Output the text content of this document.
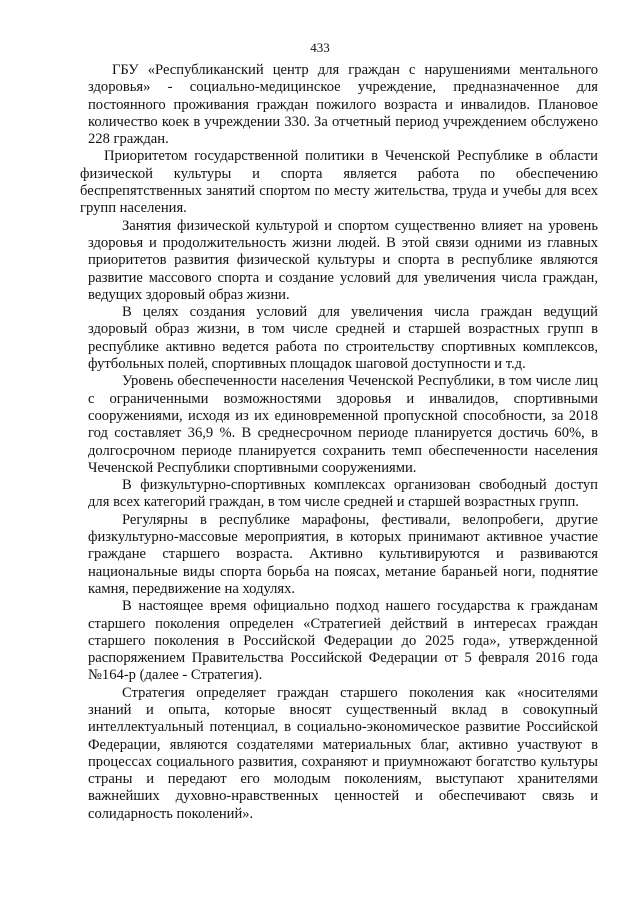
433

ГБУ «Республиканский центр для граждан с нарушениями ментального здоровья» - социально-медицинское учреждение, предназначенное для постоянного проживания граждан пожилого возраста и инвалидов. Плановое количество коек в учреждении 330. За отчетный период учреждением обслужено 228 граждан.

Приоритетом государственной политики в Чеченской Республике в области физической культуры и спорта является работа по обеспечению беспрепятственных занятий спортом по месту жительства, труда и учебы для всех групп населения.

Занятия физической культурой и спортом существенно влияет на уровень здоровья и продолжительность жизни людей. В этой связи одними из главных приоритетов развития физической культуры и спорта в республике являются развитие массового спорта и создание условий для увеличения числа граждан, ведущих здоровый образ жизни.

В целях создания условий для увеличения числа граждан ведущий здоровый образ жизни, в том числе средней и старшей возрастных групп в республике активно ведется работа по строительству спортивных комплексов, футбольных полей, спортивных площадок шаговой доступности и т.д.

Уровень обеспеченности населения Чеченской Республики, в том числе лиц с ограниченными возможностями здоровья и инвалидов, спортивными сооружениями, исходя из их единовременной пропускной способности, за 2018 год составляет 36,9 %. В среднесрочном периоде планируется достичь 60%, в долгосрочном периоде планируется сохранить темп обеспеченности населения Чеченской Республики спортивными сооружениями.

В физкультурно-спортивных комплексах организован свободный доступ для всех категорий граждан, в том числе средней и старшей возрастных групп.

Регулярны в республике марафоны, фестивали, велопробеги, другие физкультурно-массовые мероприятия, в которых принимают активное участие граждане старшего возраста. Активно культивируются и развиваются национальные виды спорта борьба на поясах, метание бараньей ноги, поднятие камня, передвижение на ходулях.

В настоящее время официально подход нашего государства к гражданам старшего поколения определен «Стратегией действий в интересах граждан старшего поколения в Российской Федерации до 2025 года», утвержденной распоряжением Правительства Российской Федерации от 5 февраля 2016 года №164-р (далее - Стратегия).

Стратегия определяет граждан старшего поколения как «носителями знаний и опыта, которые вносят существенный вклад в совокупный интеллектуальный потенциал, в социально-экономическое развитие Российской Федерации, являются создателями материальных благ, активно участвуют в процессах социального развития, сохраняют и приумножают богатство культуры страны и передают его молодым поколениям, выступают хранителями важнейших духовно-нравственных ценностей и обеспечивают связь и солидарность поколений».
